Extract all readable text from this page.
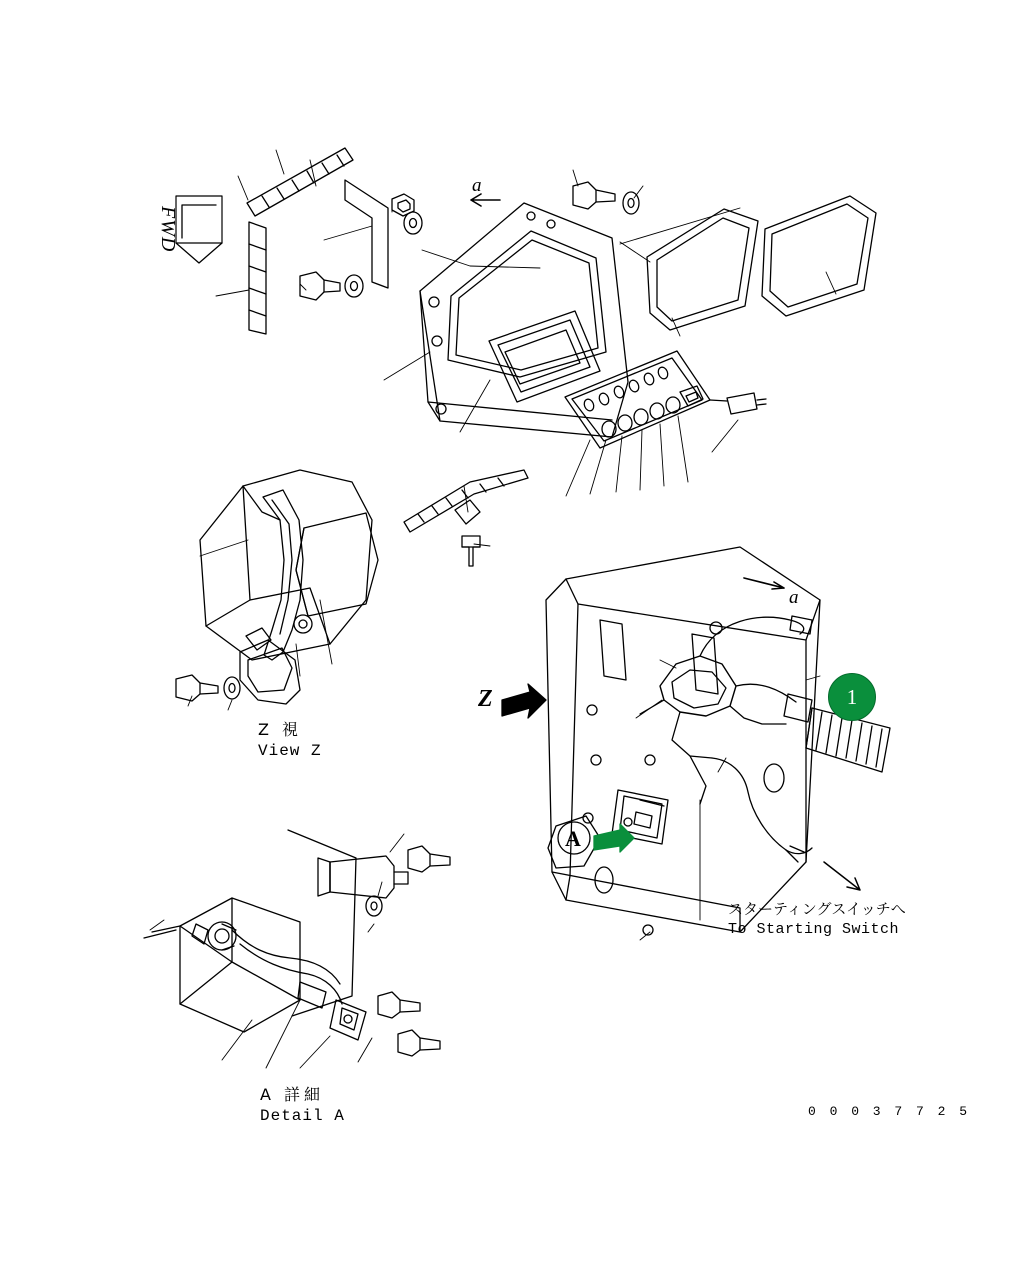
FWD
a
a
Z
A
Z 視
View Z
A 詳細
Detail A
スターティングスイッチへ
To Starting Switch
1
0 0 0 3 7 7 2 5
